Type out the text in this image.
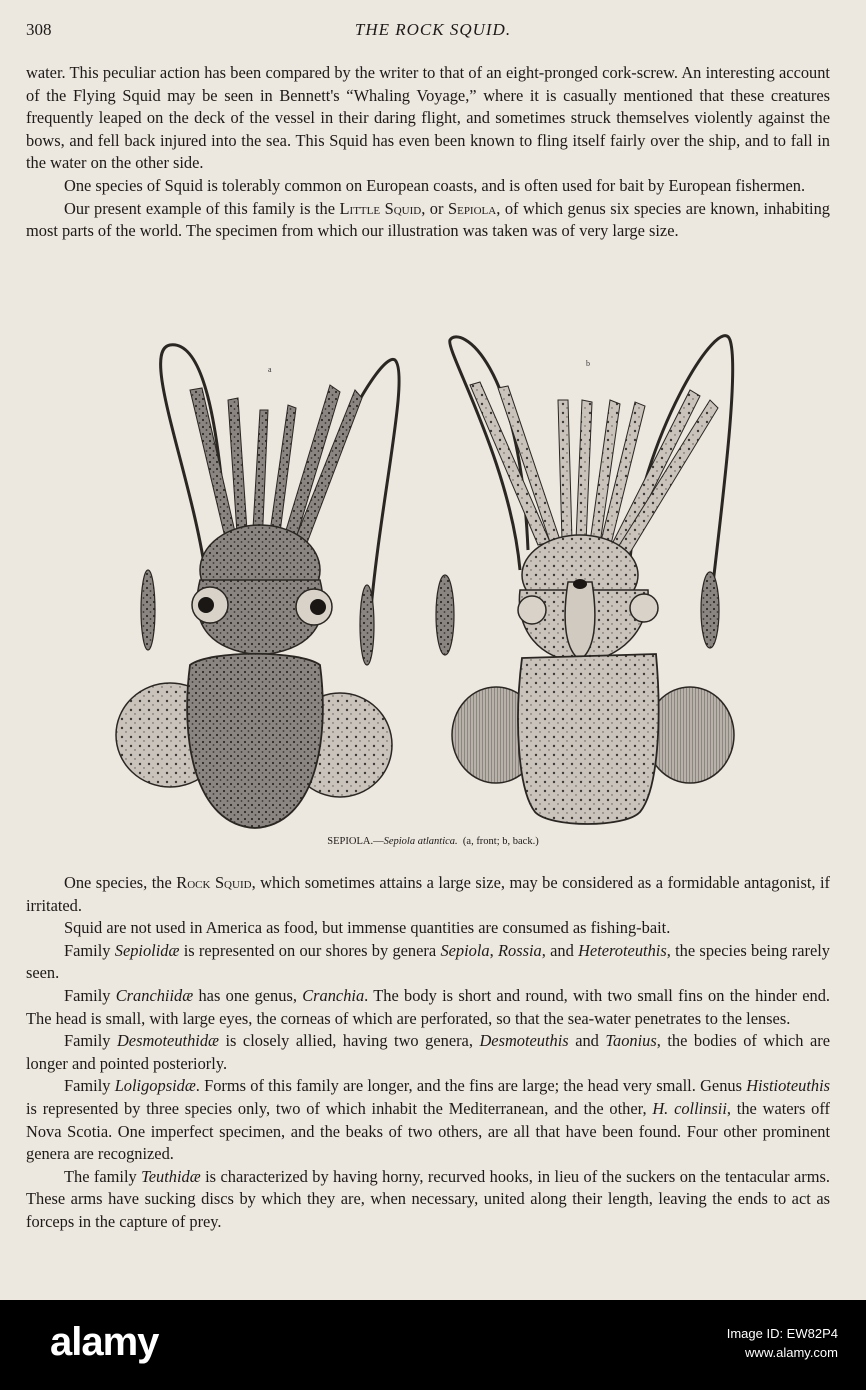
308	THE ROCK SQUID.

water. This peculiar action has been compared by the writer to that of an eight-pronged cork-screw. An interesting account of the Flying Squid may be seen in Bennett's “Whaling Voyage,” where it is casually mentioned that these creatures frequently leaped on the deck of the vessel in their daring flight, and sometimes struck themselves violently against the bows, and fell back injured into the sea. This Squid has even been known to fling itself fairly over the ship, and to fall in the water on the other side.

One species of Squid is tolerably common on European coasts, and is often used for bait by European fishermen.

Our present example of this family is the Little Squid, or Sepiola, of which genus six species are known, inhabiting most parts of the world. The specimen from which our illustration was taken was of very large size.

a
b
SEPIOLA.—Sepiola atlantica. (a, front; b, back.)

One species, the Rock Squid, which sometimes attains a large size, may be considered as a formidable antagonist, if irritated.

Squid are not used in America as food, but immense quantities are consumed as fishing-bait.

Family Sepiolidæ is represented on our shores by genera Sepiola, Rossia, and Heteroteuthis, the species being rarely seen.

Family Cranchiidæ has one genus, Cranchia. The body is short and round, with two small fins on the hinder end. The head is small, with large eyes, the corneas of which are perforated, so that the sea-water penetrates to the lenses.

Family Desmoteuthidæ is closely allied, having two genera, Desmoteuthis and Taonius, the bodies of which are longer and pointed posteriorly.

Family Loligopsidæ. Forms of this family are longer, and the fins are large; the head very small. Genus Histioteuthis is represented by three species only, two of which inhabit the Mediterranean, and the other, H. collinsii, the waters off Nova Scotia. One imperfect specimen, and the beaks of two others, are all that have been found. Four other prominent genera are recognized.

The family Teuthidæ is characterized by having horny, recurved hooks, in lieu of the suckers on the tentacular arms. These arms have sucking discs by which they are, when necessary, united along their length, leaving the ends to act as forceps in the capture of prey.

alamy	Image ID: EW82P4
www.alamy.com
